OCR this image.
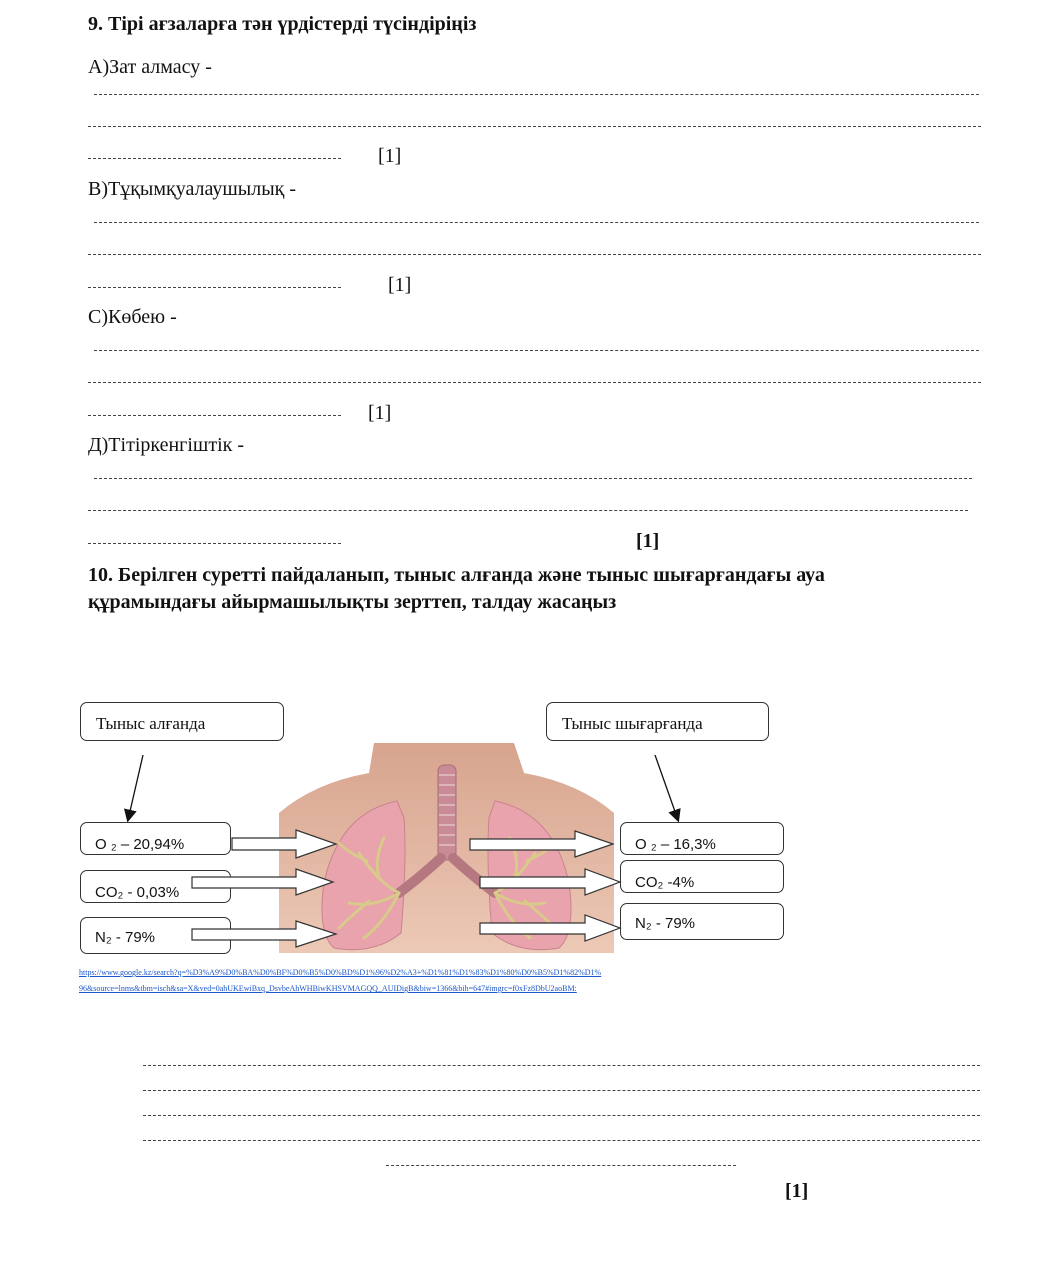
9. Тірі ағзаларға тән үрдістерді түсіндіріңіз
А)Зат алмасу -
[1]
В)Тұқымқуалаушылық -
[1]
С)Көбею -
[1]
Д)Тітіркенгіштік -
[1]
10. Берілген суретті пайдаланып, тыныс алғанда және тыныс шығарғандағы ауа
құрамындағы айырмашылықты зерттеп, талдау жасаңыз
Тыныс алғанда	Тыныс шығарғанда
O ₂ – 20,94%
CO₂ - 0,03%
N₂ - 79%
O ₂ – 16,3%
CO₂ -4%
N₂ - 79%
https://www.google.kz/search?q=%D3%A9%D0%BA%D0%BF%D0%B5%D0%BD%D1%96%D2%A3+%D1%81%D1%83%D1%80%D0%B5%D1%82%D1%
96&source=lnms&tbm=isch&sa=X&ved=0ahUKEwiBxq_DsvbeAhWHBiwKHSVMAGQQ_AUIDigB&biw=1366&bih=647#imgrc=f0xFz8DbU2aoBM:
[1]
